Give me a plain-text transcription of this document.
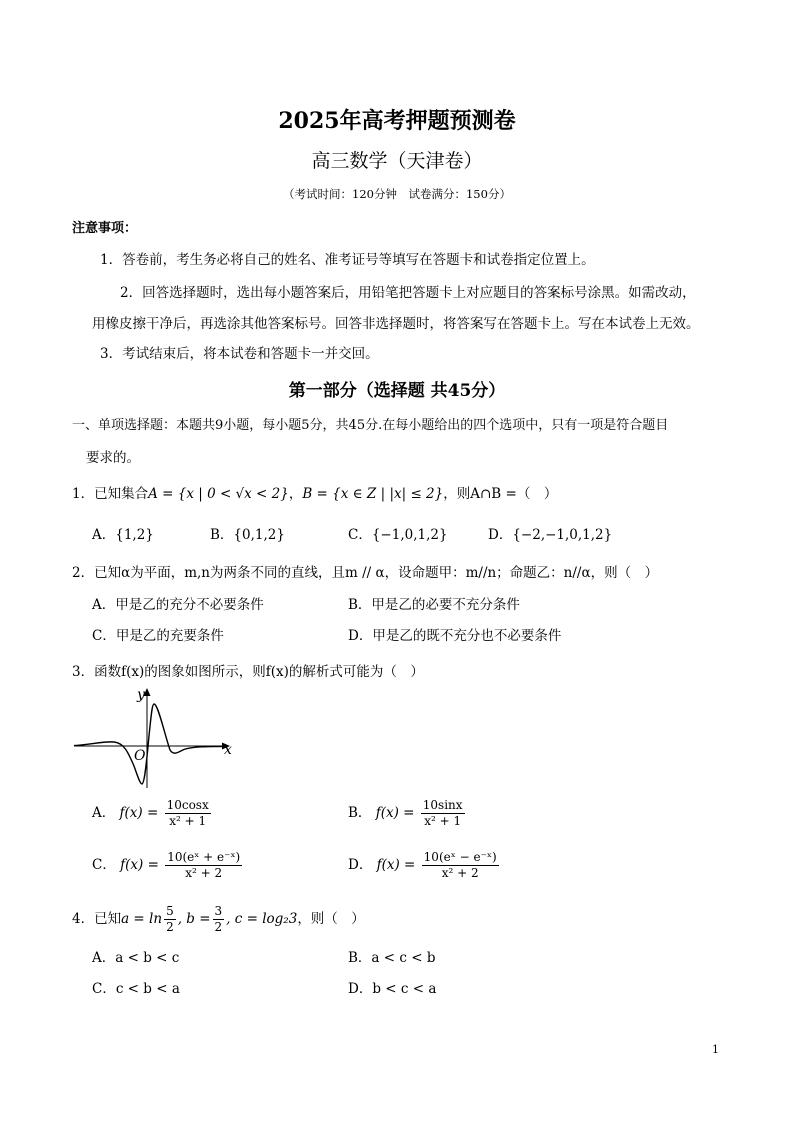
2025年高考押题预测卷
高三数学（天津卷）
（考试时间：120分钟　试卷满分：150分）
注意事项：
1．答卷前，考生务必将自己的姓名、准考证号等填写在答题卡和试卷指定位置上。
2．回答选择题时，选出每小题答案后，用铅笔把答题卡上对应题目的答案标号涂黑。如需改动，
用橡皮擦干净后，再选涂其他答案标号。回答非选择题时，将答案写在答题卡上。写在本试卷上无效。
3．考试结束后，将本试卷和答题卡一并交回。
第一部分（选择题 共45分）
一、单项选择题：本题共9小题，每小题5分，共45分.在每小题给出的四个选项中，只有一项是符合题目
要求的。
1．已知集合A = {x | 0 < √x < 2}，B = {x ∈ Z | |x| ≤ 2}，则A∩B =（　）
A．{1,2}	B．{0,1,2}	C．{−1,0,1,2}	D．{−2,−1,0,1,2}
2．已知α为平面，m,n为两条不同的直线，且m // α，设命题甲：m//n；命题乙：n//α，则（　）
A．甲是乙的充分不必要条件	B．甲是乙的必要不充分条件
C．甲是乙的充要条件	D．甲是乙的既不充分也不必要条件
3．函数f(x)的图象如图所示，则f(x)的解析式可能为（　）
x
y
O
A． $f(x) = \frac{10\cos x}{\text{x² + 1}}$	B． $f(x) = \frac{10\sin x}{\text{x² + 1}}$
C． $f(x) = \frac{\text{10(eˣ + e⁻ˣ)}}{\text{x² + 2}}$	D． $f(x) = \frac{\text{10(eˣ − e⁻ˣ)}}{\text{x² + 2}}$
4．已知$a = \ln \frac{5}{2}$ , $b = \frac{3}{2}$ , c = log₂3，则（　）
A．a < b < c	B．a < c < b
C．c < b < a	D．b < c < a
1
